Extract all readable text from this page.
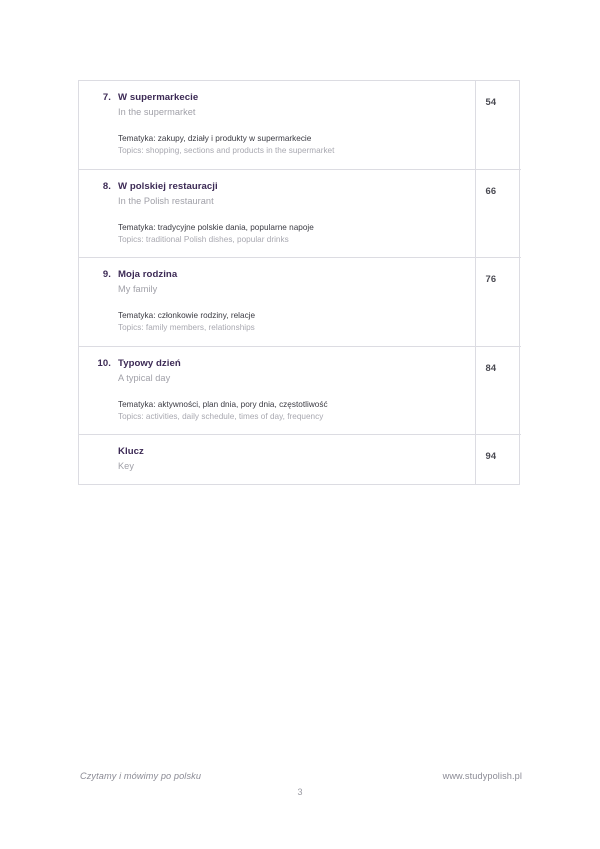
7. W supermarkecie
In the supermarket
Tematyka: zakupy, działy i produkty w supermarkecie
Topics: shopping, sections and products in the supermarket	54

8. W polskiej restauracji
In the Polish restaurant
Tematyka: tradycyjne polskie dania, popularne napoje
Topics: traditional Polish dishes, popular drinks	66

9. Moja rodzina
My family
Tematyka: członkowie rodziny, relacje
Topics: family members, relationships	76

10. Typowy dzień
A typical day
Tematyka: aktywności, plan dnia, pory dnia, częstotliwość
Topics: activities, daily schedule, times of day, frequency	84

Klucz
Key	94
Czytamy i mówimy po polsku	www.studypolish.pl
3
